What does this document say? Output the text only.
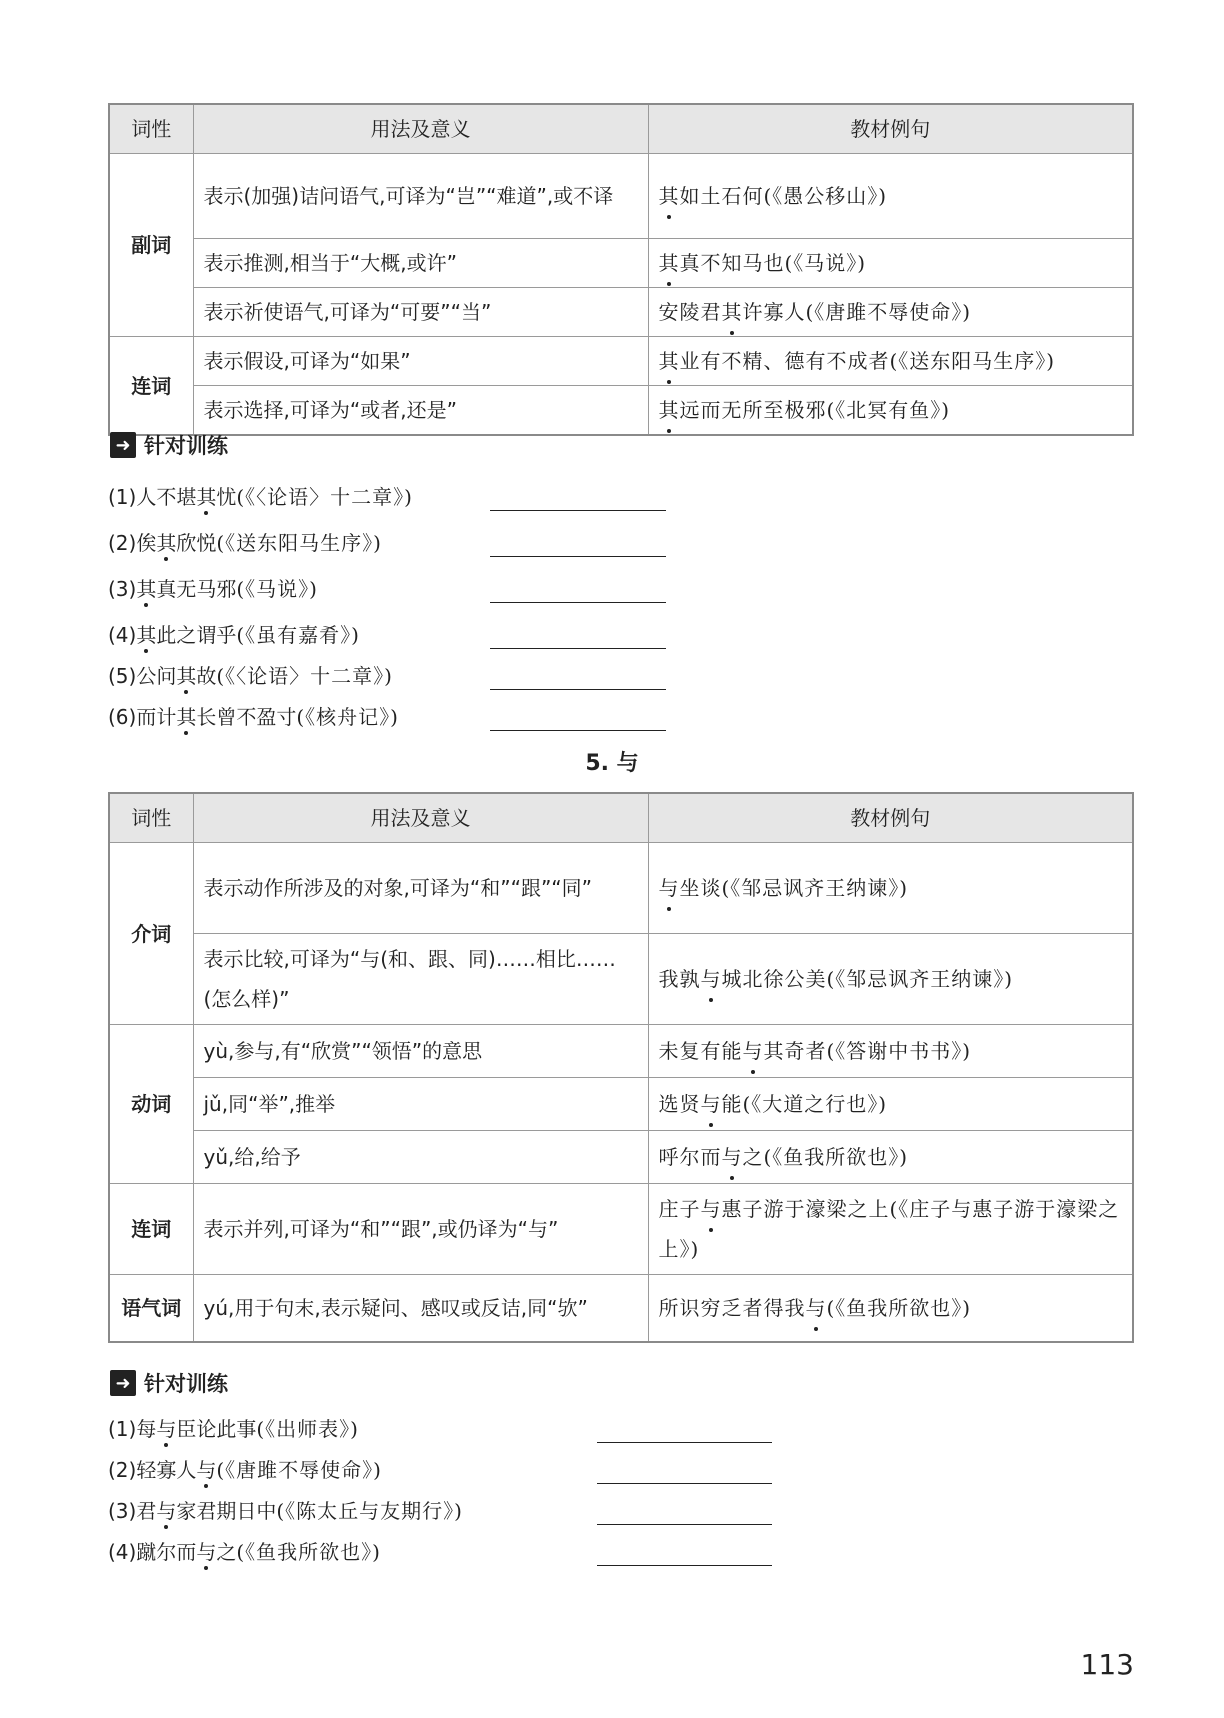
词性	用法及意义	教材例句
副词	表示(加强)诘问语气,可译为“岂”“难道”,或不译	其如土石何(《愚公移山》)
	表示推测,相当于“大概,或许”	其真不知马也(《马说》)
	表示祈使语气,可译为“可要”“当”	安陵君其许寡人(《唐雎不辱使命》)
连词	表示假设,可译为“如果”	其业有不精、德有不成者(《送东阳马生序》)
	表示选择,可译为“或者,还是”	其远而无所至极邪(《北冥有鱼》)
➜ 针对训练
(1)人不堪其忧(《〈论语〉十二章》)
(2)俟其欣悦(《送东阳马生序》)
(3)其真无马邪(《马说》)
(4)其此之谓乎(《虽有嘉肴》)
(5)公问其故(《〈论语〉十二章》)
(6)而计其长曾不盈寸(《核舟记》)
5. 与
词性	用法及意义	教材例句
介词	表示动作所涉及的对象,可译为“和”“跟”“同”	与坐谈(《邹忌讽齐王纳谏》)
	表示比较,可译为“与(和、跟、同)……相比……(怎么样)”	我孰与城北徐公美(《邹忌讽齐王纳谏》)
动词	yù,参与,有“欣赏”“领悟”的意思	未复有能与其奇者(《答谢中书书》)
	jǔ,同“举”,推举	选贤与能(《大道之行也》)
	yǔ,给,给予	呼尔而与之(《鱼我所欲也》)
连词	表示并列,可译为“和”“跟”,或仍译为“与”	庄子与惠子游于濠梁之上(《庄子与惠子游于濠梁之上》)
语气词	yú,用于句末,表示疑问、感叹或反诘,同“欤”	所识穷乏者得我与(《鱼我所欲也》)
➜ 针对训练
(1)每与臣论此事(《出师表》)
(2)轻寡人与(《唐雎不辱使命》)
(3)君与家君期日中(《陈太丘与友期行》)
(4)蹴尔而与之(《鱼我所欲也》)
113
